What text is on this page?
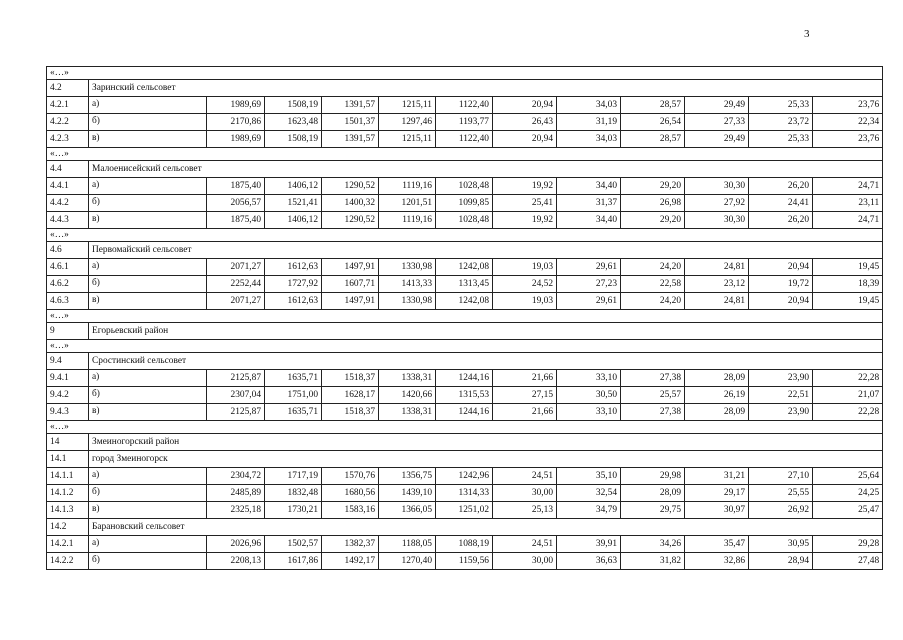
3
«…»												
4.2	Заринский сельсовет											
4.2.1	а)	1989,69	1508,19	1391,57	1215,11	1122,40	20,94	34,03	28,57	29,49	25,33	23,76
4.2.2	б)	2170,86	1623,48	1501,37	1297,46	1193,77	26,43	31,19	26,54	27,33	23,72	22,34
4.2.3	в)	1989,69	1508,19	1391,57	1215,11	1122,40	20,94	34,03	28,57	29,49	25,33	23,76
«…»												
4.4	Малоенисейский сельсовет											
4.4.1	а)	1875,40	1406,12	1290,52	1119,16	1028,48	19,92	34,40	29,20	30,30	26,20	24,71
4.4.2	б)	2056,57	1521,41	1400,32	1201,51	1099,85	25,41	31,37	26,98	27,92	24,41	23,11
4.4.3	в)	1875,40	1406,12	1290,52	1119,16	1028,48	19,92	34,40	29,20	30,30	26,20	24,71
«…»												
4.6	Первомайский сельсовет											
4.6.1	а)	2071,27	1612,63	1497,91	1330,98	1242,08	19,03	29,61	24,20	24,81	20,94	19,45
4.6.2	б)	2252,44	1727,92	1607,71	1413,33	1313,45	24,52	27,23	22,58	23,12	19,72	18,39
4.6.3	в)	2071,27	1612,63	1497,91	1330,98	1242,08	19,03	29,61	24,20	24,81	20,94	19,45
«…»												
9	Егорьевский район											
«…»												
9.4	Сростинский сельсовет											
9.4.1	а)	2125,87	1635,71	1518,37	1338,31	1244,16	21,66	33,10	27,38	28,09	23,90	22,28
9.4.2	б)	2307,04	1751,00	1628,17	1420,66	1315,53	27,15	30,50	25,57	26,19	22,51	21,07
9.4.3	в)	2125,87	1635,71	1518,37	1338,31	1244,16	21,66	33,10	27,38	28,09	23,90	22,28
«…»												
14	Змеиногорский район											
14.1	город Змеиногорск											
14.1.1	а)	2304,72	1717,19	1570,76	1356,75	1242,96	24,51	35,10	29,98	31,21	27,10	25,64
14.1.2	б)	2485,89	1832,48	1680,56	1439,10	1314,33	30,00	32,54	28,09	29,17	25,55	24,25
14.1.3	в)	2325,18	1730,21	1583,16	1366,05	1251,02	25,13	34,79	29,75	30,97	26,92	25,47
14.2	Барановский сельсовет											
14.2.1	а)	2026,96	1502,57	1382,37	1188,05	1088,19	24,51	39,91	34,26	35,47	30,95	29,28
14.2.2	б)	2208,13	1617,86	1492,17	1270,40	1159,56	30,00	36,63	31,82	32,86	28,94	27,48
